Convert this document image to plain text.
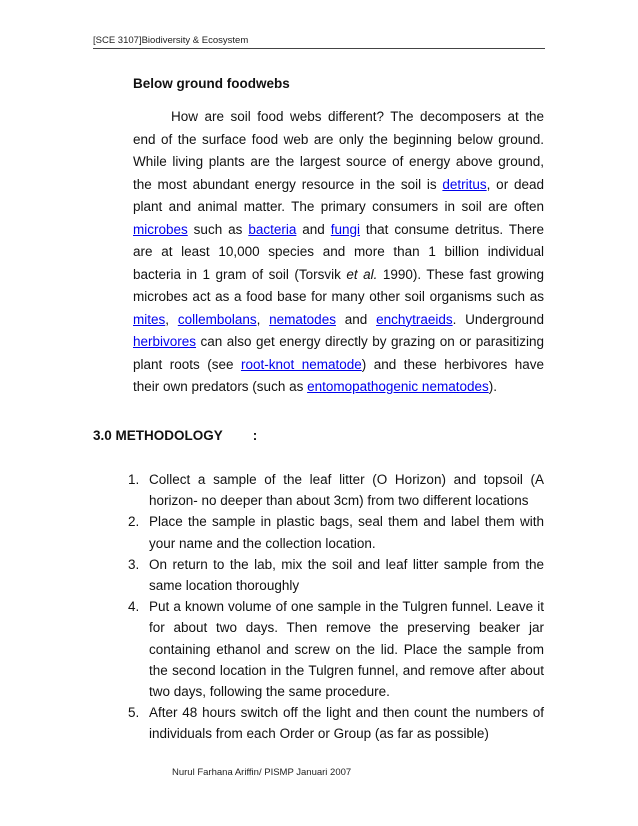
[SCE 3107]Biodiversity & Ecosystem
Below ground foodwebs

How are soil food webs different? The decomposers at the end of the surface food web are only the beginning below ground. While living plants are the largest source of energy above ground, the most abundant energy resource in the soil is detritus, or dead plant and animal matter. The primary consumers in soil are often microbes such as bacteria and fungi that consume detritus. There are at least 10,000 species and more than 1 billion individual bacteria in 1 gram of soil (Torsvik et al. 1990). These fast growing microbes act as a food base for many other soil organisms such as mites, collembolans, nematodes and enchytraeids. Underground herbivores can also get energy directly by grazing on or parasitizing plant roots (see root-knot nematode) and these herbivores have their own predators (such as entomopathogenic nematodes).

3.0 METHODOLOGY :
1. Collect a sample of the leaf litter (O Horizon) and topsoil (A horizon- no deeper than about 3cm) from two different locations
2. Place the sample in plastic bags, seal them and label them with your name and the collection location.
3. On return to the lab, mix the soil and leaf litter sample from the same location thoroughly
4. Put a known volume of one sample in the Tulgren funnel. Leave it for about two days. Then remove the preserving beaker jar containing ethanol and screw on the lid. Place the sample from the second location in the Tulgren funnel, and remove after about two days, following the same procedure.
5. After 48 hours switch off the light and then count the numbers of individuals from each Order or Group (as far as possible)
Nurul Farhana Ariffin/ PISMP Januari 2007
